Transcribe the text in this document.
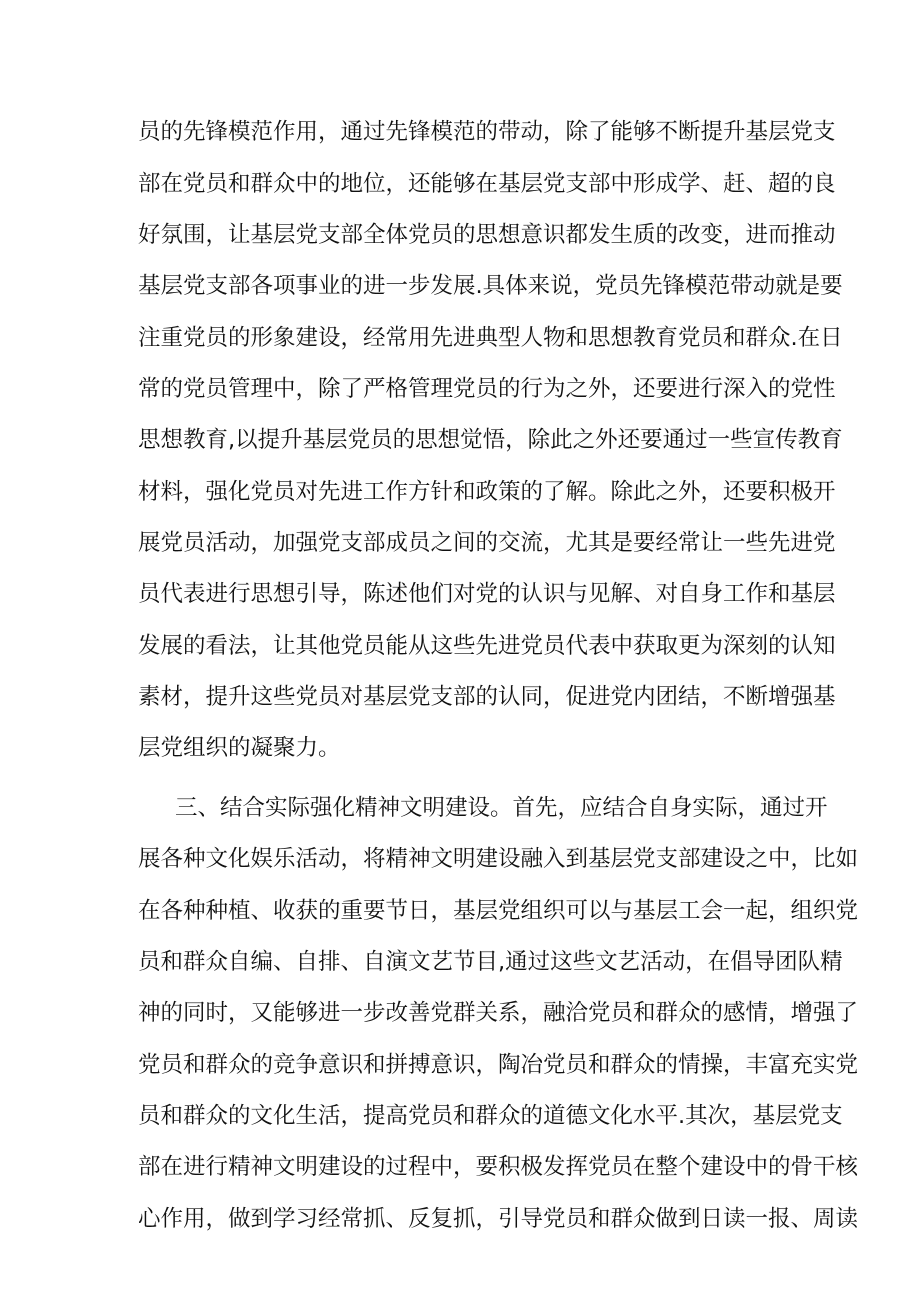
员的先锋模范作用，通过先锋模范的带动，除了能够不断提升基层党支
部在党员和群众中的地位，还能够在基层党支部中形成学、赶、超的良
好氛围，让基层党支部全体党员的思想意识都发生质的改变，进而推动
基层党支部各项事业的进一步发展.具体来说，党员先锋模范带动就是要
注重党员的形象建设，经常用先进典型人物和思想教育党员和群众.在日
常的党员管理中，除了严格管理党员的行为之外，还要进行深入的党性
思想教育,以提升基层党员的思想觉悟，除此之外还要通过一些宣传教育
材料，强化党员对先进工作方针和政策的了解。除此之外，还要积极开
展党员活动，加强党支部成员之间的交流，尤其是要经常让一些先进党
员代表进行思想引导，陈述他们对党的认识与见解、对自身工作和基层
发展的看法，让其他党员能从这些先进党员代表中获取更为深刻的认知
素材，提升这些党员对基层党支部的认同，促进党内团结，不断增强基
层党组织的凝聚力。
三、结合实际强化精神文明建设。首先，应结合自身实际，通过开
展各种文化娱乐活动，将精神文明建设融入到基层党支部建设之中，比如
在各种种植、收获的重要节日，基层党组织可以与基层工会一起，组织党
员和群众自编、自排、自演文艺节目,通过这些文艺活动，在倡导团队精
神的同时，又能够进一步改善党群关系，融洽党员和群众的感情，增强了
党员和群众的竞争意识和拼搏意识，陶冶党员和群众的情操，丰富充实党
员和群众的文化生活，提高党员和群众的道德文化水平.其次，基层党支
部在进行精神文明建设的过程中，要积极发挥党员在整个建设中的骨干核
心作用，做到学习经常抓、反复抓，引导党员和群众做到日读一报、周读
